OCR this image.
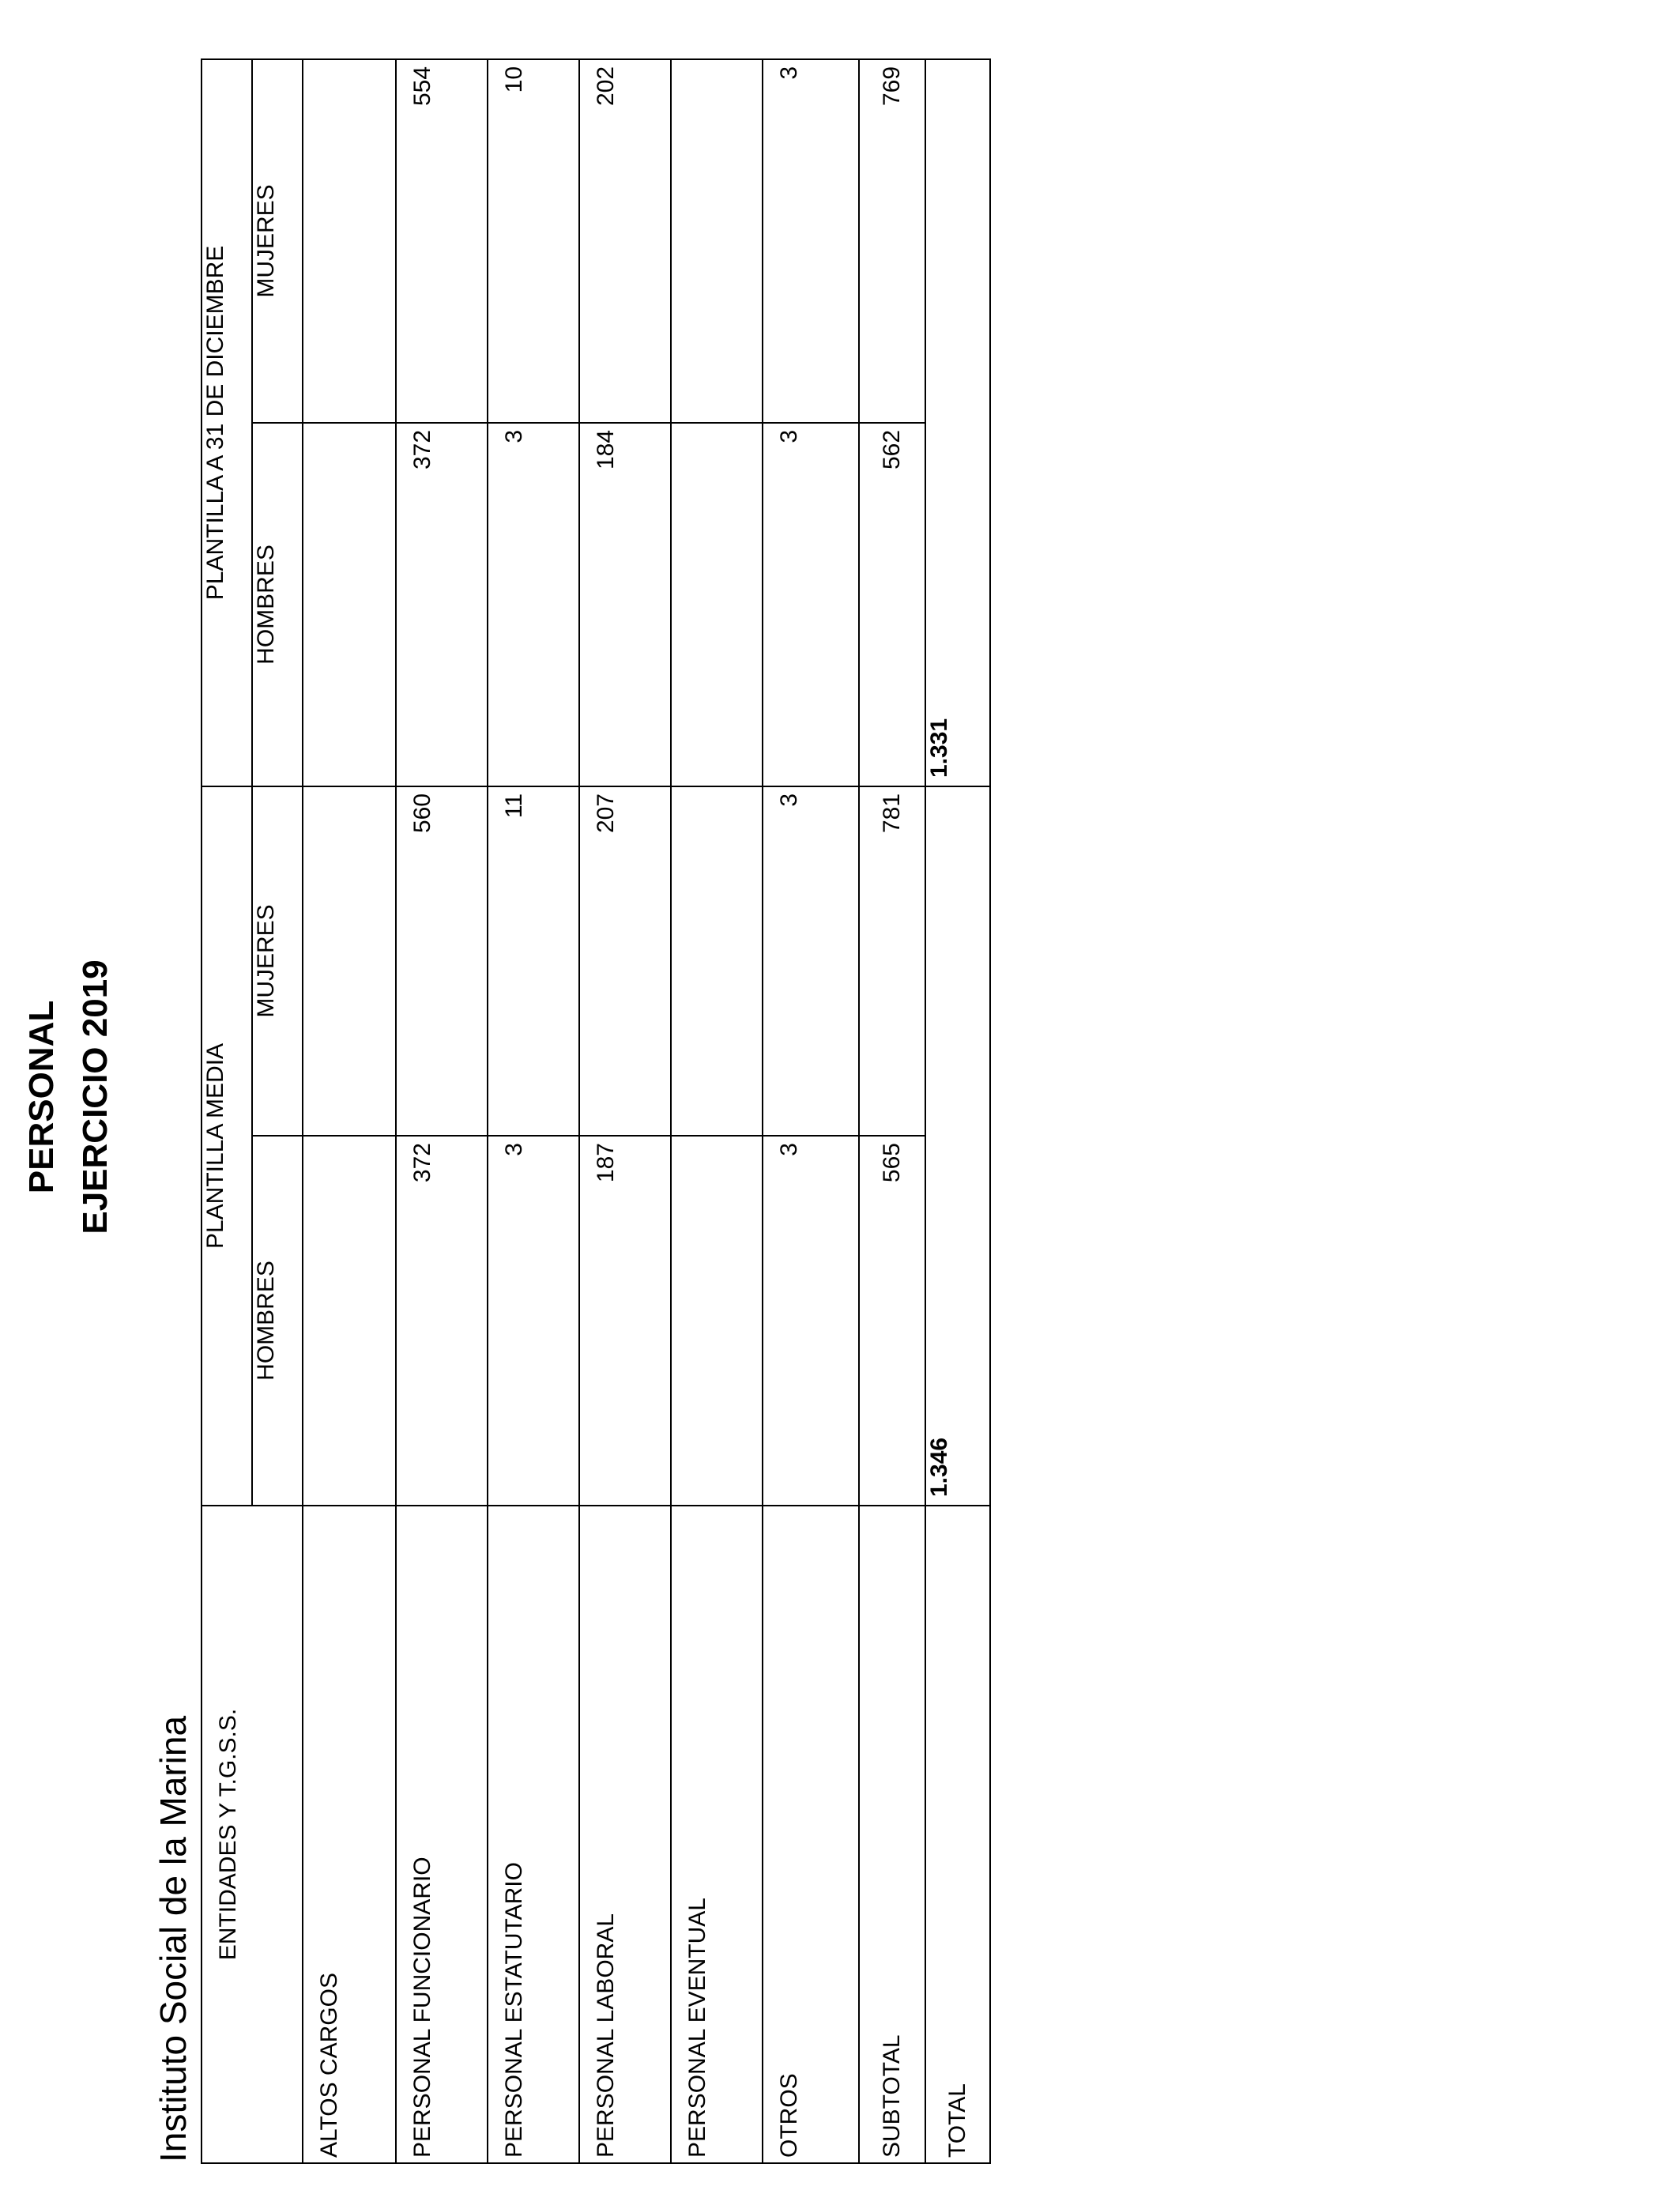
PERSONAL EJERCICIO 2019
Instituto Social de la Marina ENTIDADES Y T.G.S.S.	PLANTILLA MEDIA		PLANTILLA A 31 DE DICIEMBRE	
	HOMBRES	MUJERES	HOMBRES	MUJERES
ALTOS CARGOS				
PERSONAL FUNCIONARIO	372	560	372	554
PERSONAL ESTATUTARIO	3	11	3	10
PERSONAL LABORAL	187	207	184	202
PERSONAL EVENTUAL				
OTROS	3	3	3	3
SUBTOTAL	565	781	562	769
TOTAL	1.346		1.331	
